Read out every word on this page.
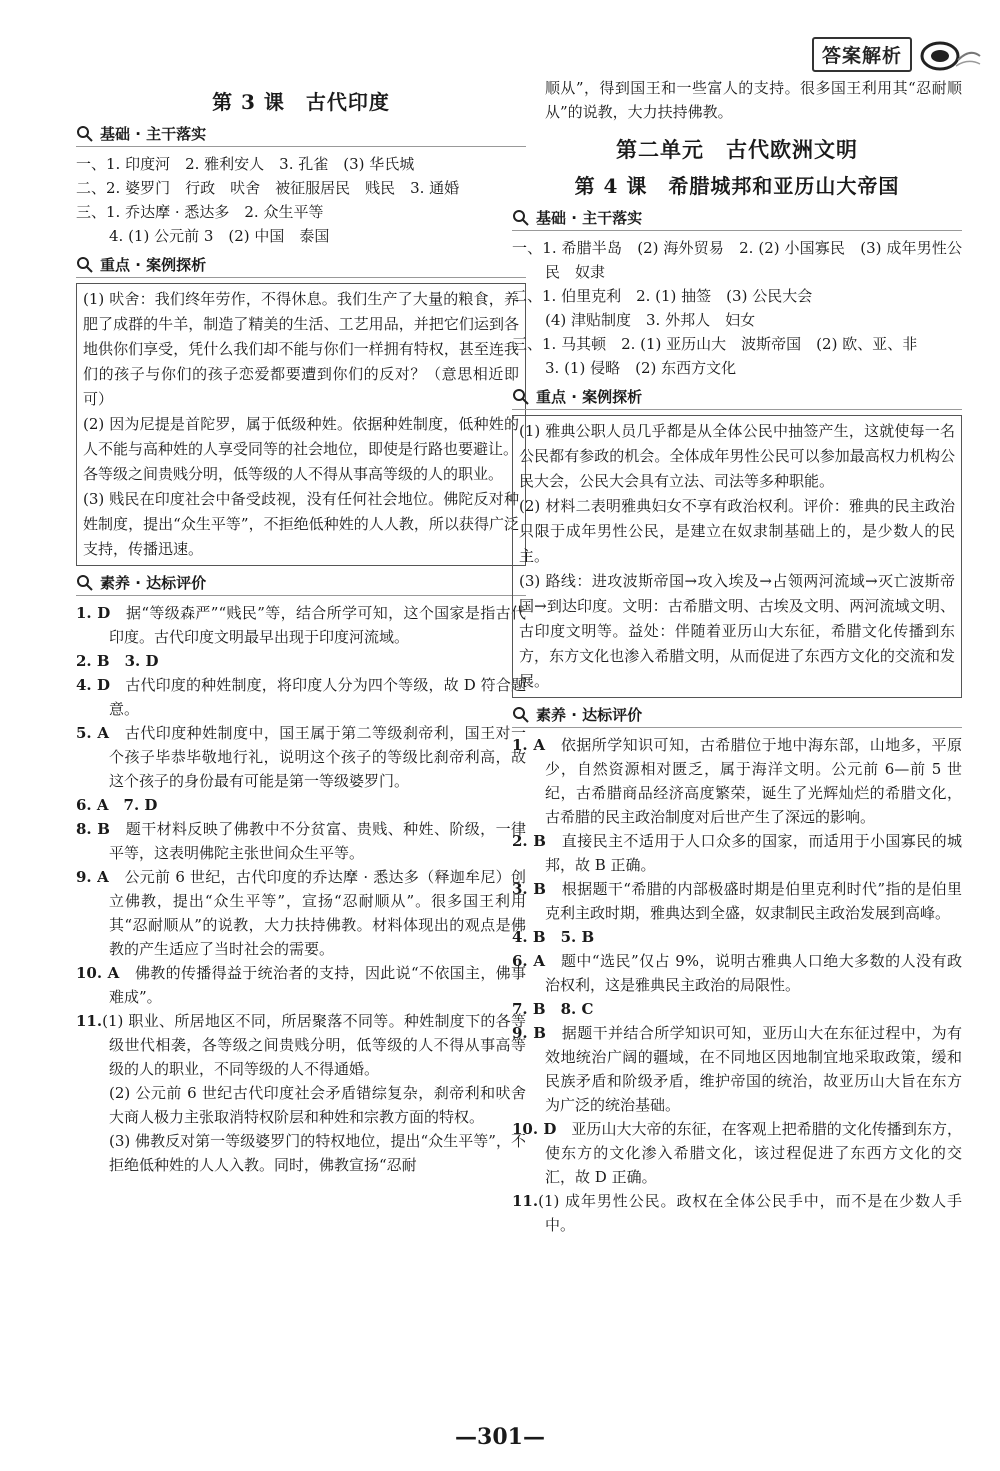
答案解析
第 3 课　古代印度
基础 · 主干落实

一、1. 印度河　2. 雅利安人　3. 孔雀　(3) 华氏城

二、2. 婆罗门　行政　吠舍　被征服居民　贱民　3. 通婚

三、1. 乔达摩 · 悉达多　2. 众生平等

4. (1) 公元前 3　(2) 中国　泰国

重点 · 案例探析

(1) 吠舍：我们终年劳作，不得休息。我们生产了大量的粮食，养肥了成群的牛羊，制造了精美的生活、工艺用品，并把它们运到各地供你们享受，凭什么我们却不能与你们一样拥有特权，甚至连我们的孩子与你们的孩子恋爱都要遭到你们的反对？（意思相近即可）

(2) 因为尼提是首陀罗，属于低级种姓。依据种姓制度，低种姓的人不能与高种姓的人享受同等的社会地位，即使是行路也要避让。

各等级之间贵贱分明，低等级的人不得从事高等级的人的职业。

(3) 贱民在印度社会中备受歧视，没有任何社会地位。佛陀反对种姓制度，提出“众生平等”，不拒绝低种姓的人人教，所以获得广泛支持，传播迅速。

素养 · 达标评价

1. D　 据“等级森严”“贱民”等，结合所学可知，这个国家是指古代印度。古代印度文明最早出现于印度河流域。

2. B　 3. D

4. D　 古代印度的种姓制度，将印度人分为四个等级，故 D 符合题意。

5. A　 古代印度种姓制度中，国王属于第二等级刹帝利，国王对一个孩子毕恭毕敬地行礼，说明这个孩子的等级比刹帝利高，故这个孩子的身份最有可能是第一等级婆罗门。

6. A　 7. D

8. B　 题干材料反映了佛教中不分贫富、贵贱、种姓、阶级，一律平等，这表明佛陀主张世间众生平等。

9. A　 公元前 6 世纪，古代印度的乔达摩 · 悉达多（释迦牟尼）创立佛教，提出“众生平等”，宣扬“忍耐顺从”。很多国王利用其“忍耐顺从”的说教，大力扶持佛教。材料体现出的观点是佛教的产生适应了当时社会的需要。

10. A　 佛教的传播得益于统治者的支持，因此说“不依国主，佛事难成”。

11.(1) 职业、所居地区不同，所居聚落不同等。种姓制度下的各等级世代相袭，各等级之间贵贱分明，低等级的人不得从事高等级的人的职业，不同等级的人不得通婚。

(2) 公元前 6 世纪古代印度社会矛盾错综复杂，刹帝利和吠舍大商人极力主张取消特权阶层和种姓和宗教方面的特权。

(3) 佛教反对第一等级婆罗门的特权地位，提出“众生平等”，不拒绝低种姓的人人入教。同时，佛教宣扬“忍耐

顺从”，得到国王和一些富人的支持。很多国王利用其“忍耐顺从”的说教，大力扶持佛教。

第二单元　古代欧洲文明
第 4 课　希腊城邦和亚历山大帝国
基础 · 主干落实

一、1. 希腊半岛　(2) 海外贸易　2. (2) 小国寡民　(3) 成年男性公民　奴隶

二、1. 伯里克利　2. (1) 抽签　(3) 公民大会

(4) 津贴制度　3. 外邦人　妇女

三、1. 马其顿　2. (1) 亚历山大　波斯帝国　(2) 欧、亚、非

3. (1) 侵略　(2) 东西方文化

重点 · 案例探析

(1) 雅典公职人员几乎都是从全体公民中抽签产生，这就使每一名公民都有参政的机会。全体成年男性公民可以参加最高权力机构公民大会，公民大会具有立法、司法等多种职能。

(2) 材料二表明雅典妇女不享有政治权利。评价：雅典的民主政治只限于成年男性公民，是建立在奴隶制基础上的，是少数人的民主。

(3) 路线：进攻波斯帝国→攻入埃及→占领两河流域→灭亡波斯帝国→到达印度。文明：古希腊文明、古埃及文明、两河流域文明、古印度文明等。益处：伴随着亚历山大东征，希腊文化传播到东方，东方文化也渗入希腊文明，从而促进了东西方文化的交流和发展。

素养 · 达标评价

1. A　 依据所学知识可知，古希腊位于地中海东部，山地多，平原少，自然资源相对匮乏，属于海洋文明。公元前 6—前 5 世纪，古希腊商品经济高度繁荣，诞生了光辉灿烂的希腊文化，古希腊的民主政治制度对后世产生了深远的影响。

2. B　 直接民主不适用于人口众多的国家，而适用于小国寡民的城邦，故 B 正确。

3. B　 根据题干“希腊的内部极盛时期是伯里克利时代”指的是伯里克利主政时期，雅典达到全盛，奴隶制民主政治发展到高峰。

4. B　 5. B

6. A　 题中“选民”仅占 9%，说明古雅典人口绝大多数的人没有政治权利，这是雅典民主政治的局限性。

7. B　 8. C

9. B　 据题干并结合所学知识可知，亚历山大在东征过程中，为有效地统治广阔的疆域，在不同地区因地制宜地采取政策，缓和民族矛盾和阶级矛盾，维护帝国的统治，故亚历山大旨在东方为广泛的统治基础。

10. D　 亚历山大大帝的东征，在客观上把希腊的文化传播到东方，使东方的文化渗入希腊文化，该过程促进了东西方文化的交汇，故 D 正确。

11.(1) 成年男性公民。政权在全体公民手中，而不是在少数人手中。

—301—
